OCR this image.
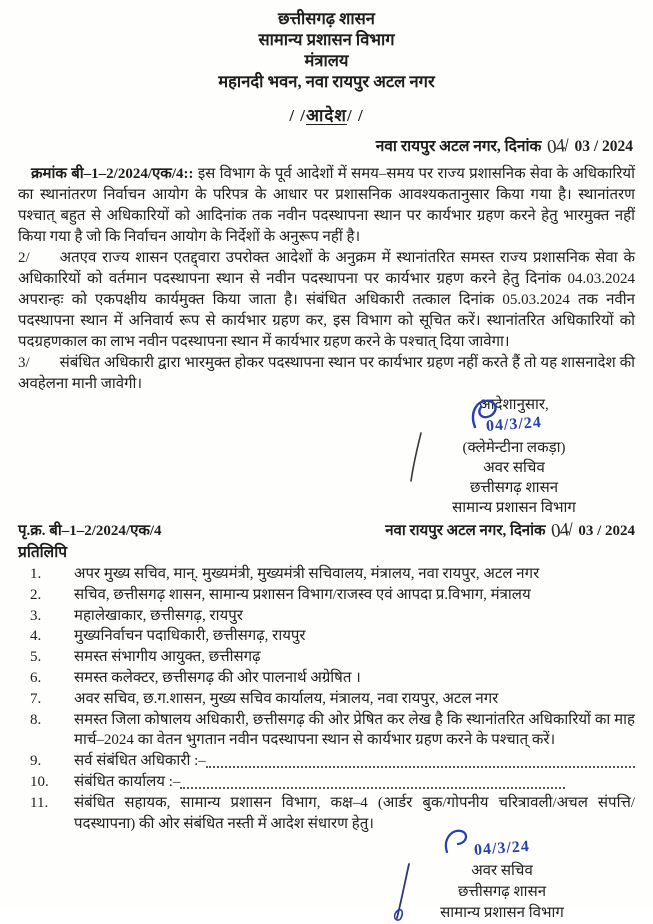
छत्तीसगढ़ शासन
सामान्य प्रशासन विभाग
मंत्रालय
महानदी भवन, नवा रायपुर अटल नगर
/ /आदेश/ /
नवा रायपुर अटल नगर, दिनांक 04/ 03 / 2024

क्रमांक बी–1–2/2024/एक/4:: इस विभाग के पूर्व आदेशों में समय–समय पर राज्य प्रशासनिक सेवा के अधिकारियों का स्थानांतरण निर्वाचन आयोग के परिपत्र के आधार पर प्रशासनिक आवश्यकतानुसार किया गया है। स्थानांतरण पश्चात् बहुत से अधिकारियों को आदिनांक तक नवीन पदस्थापना स्थान पर कार्यभार ग्रहण करने हेतु भारमुक्त नहीं किया गया है जो कि निर्वाचन आयोग के निर्देशों के अनुरूप नहीं है।

2/ अतएव राज्य शासन एतद्द्वारा उपरोक्त आदेशों के अनुक्रम में स्थानांतरित समस्त राज्य प्रशासनिक सेवा के अधिकारियों को वर्तमान पदस्थापना स्थान से नवीन पदस्थापना पर कार्यभार ग्रहण करने हेतु दिनांक 04.03.2024 अपरान्हः को एकपक्षीय कार्यमुक्त किया जाता है। संबंधित अधिकारी तत्काल दिनांक 05.03.2024 तक नवीन पदस्थापना स्थान में अनिवार्य रूप से कार्यभार ग्रहण कर, इस विभाग को सूचित करें। स्थानांतरित अधिकारियों को पदग्रहणकाल का लाभ नवीन पदस्थापना स्थान में कार्यभार ग्रहण करने के पश्चात् दिया जावेगा।

3/ संबंधित अधिकारी द्वारा भारमुक्त होकर पदस्थापना स्थान पर कार्यभार ग्रहण नहीं करते हैं तो यह शासनादेश की अवहेलना मानी जावेगी।

आदेशानुसार,
04/3/24
(क्लेमेन्टीना लकड़ा)
अवर सचिव
छत्तीसगढ़ शासन
सामान्य प्रशासन विभाग
पृ.क्र. बी–1–2/2024/एक/4	नवा रायपुर अटल नगर, दिनांक 04/ 03 / 2024
प्रतिलिपि
1.	अपर मुख्य सचिव, मान्. मुख्यमंत्री, मुख्यमंत्री सचिवालय, मंत्रालय, नवा रायपुर, अटल नगर
2.	सचिव, छत्तीसगढ़ शासन, सामान्य प्रशासन विभाग/राजस्व एवं आपदा प्र.विभाग, मंत्रालय
3.	महालेखाकार, छत्तीसगढ़, रायपुर
4.	मुख्यनिर्वाचन पदाधिकारी, छत्तीसगढ़, रायपुर
5.	समस्त संभागीय आयुक्त, छत्तीसगढ़
6.	समस्त कलेक्टर, छत्तीसगढ़ की ओर पालनार्थ अग्रेषित ।
7.	अवर सचिव, छ.ग.शासन, मुख्य सचिव कार्यालय, मंत्रालय, नवा रायपुर, अटल नगर
8.	समस्त जिला कोषालय अधिकारी, छत्तीसगढ़ की ओर प्रेषित कर लेख है कि स्थानांतरित अधिकारियों का माह मार्च–2024 का वेतन भुगतान नवीन पदस्थापना स्थान से कार्यभार ग्रहण करने के पश्चात् करें।
9.	सर्व संबंधित अधिकारी :–
10.	संबंधित कार्यालय :–
11.	संबंधित सहायक, सामान्य प्रशासन विभाग, कक्ष–4 (आर्डर बुक/गोपनीय चरित्रावली/अचल संपत्ति/पदस्थापना) की ओर संबंधित नस्ती में आदेश संधारण हेतु।
04/3/24
अवर सचिव
छत्तीसगढ़ शासन
सामान्य प्रशासन विभाग
